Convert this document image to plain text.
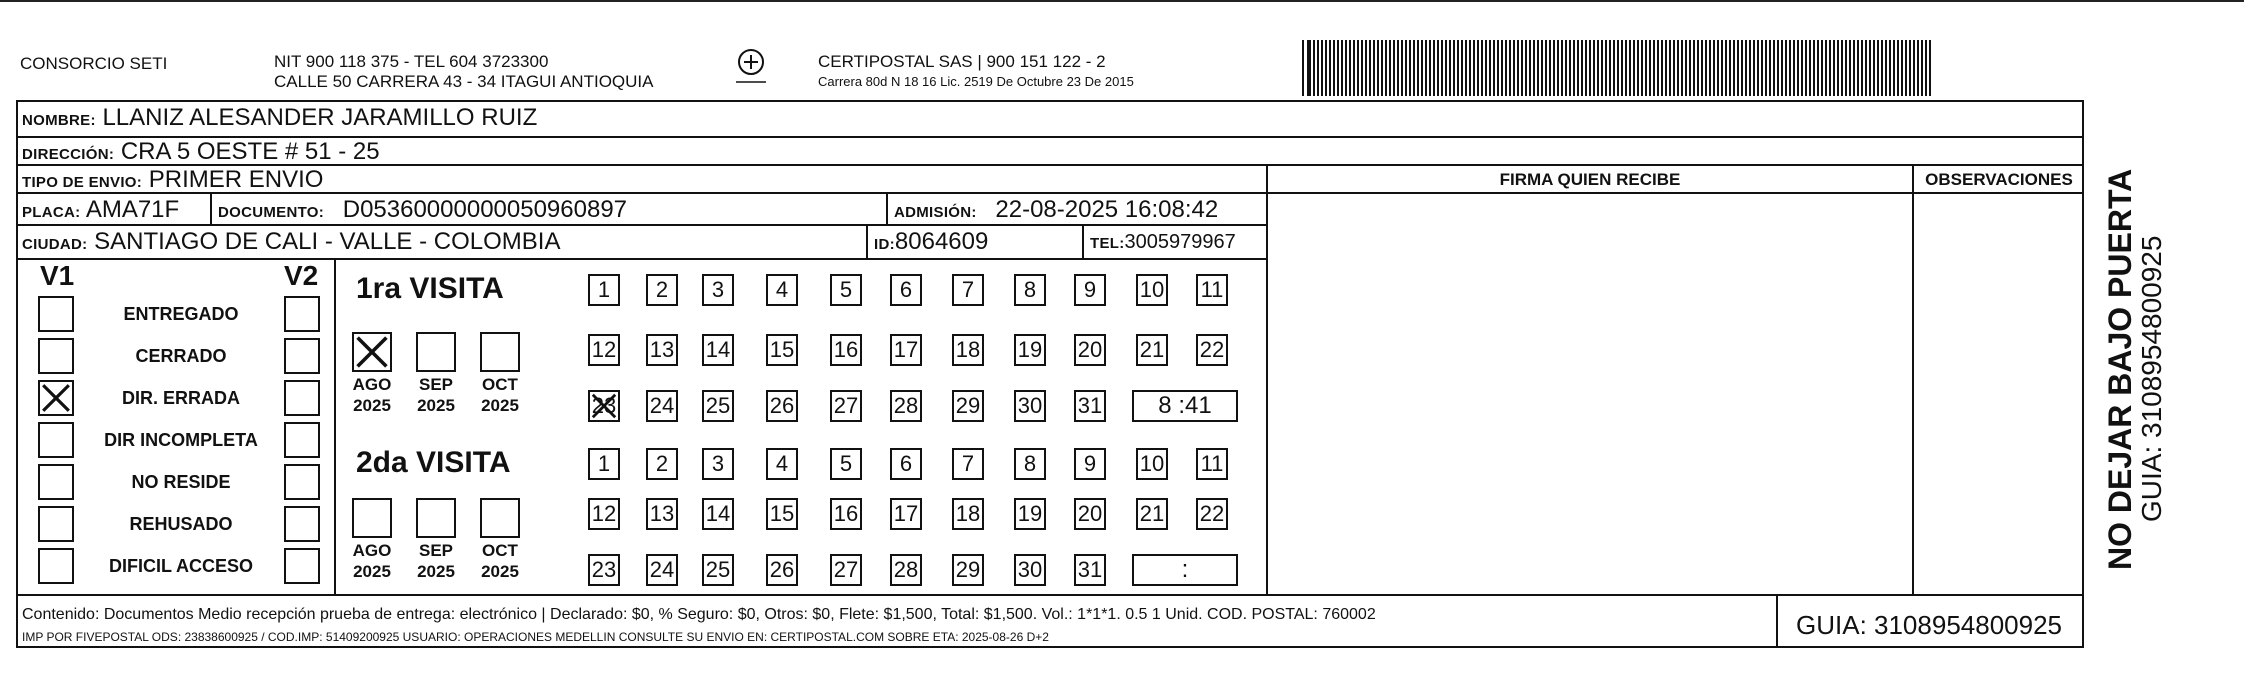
CONSORCIO SETI	NIT 900 118 375 - TEL 604 3723300
CALLE 50 CARRERA 43 - 34 ITAGUI ANTIOQUIA
CERTIPOSTAL SAS | 900 151 122 - 2
Carrera 80d N 18 16 Lic. 2519 De Octubre 23 De 2015
NOMBRE: LLANIZ ALESANDER JARAMILLO RUIZ
DIRECCIÓN: CRA 5 OESTE # 51 - 25
TIPO DE ENVIO: PRIMER ENVIO
PLACA: AMA71F	DOCUMENTO: D05360000000050960897	ADMISIÓN: 22-08-2025 16:08:42
CIUDAD: SANTIAGO DE CALI - VALLE - COLOMBIA	ID:8064609	TEL:3005979967
FIRMA QUIEN RECIBE	OBSERVACIONES
V1	V2
ENTREGADO
CERRADO
DIR. ERRADA
DIR INCOMPLETA
NO RESIDE
REHUSADO
DIFICIL ACCESO
1ra VISITA
AGO
2025
SEP
2025
OCT
2025
1	2	3	4	5	6	7	8	9	10 11
12 13 14 15 16 17 18 19 20 21 22
23 24 25 26 27 28 29 30 31	8 :41
2da VISITA
AGO
2025
SEP
2025
OCT
2025
1	2	3	4	5	6	7	8	9	10 11
12 13 14 15 16 17 18 19 20 21 22
23 24 25 26 27 28 29 30 31	:
Contenido: Documentos Medio recepción prueba de entrega: electrónico | Declarado: $0, % Seguro: $0, Otros: $0, Flete: $1,500, Total: $1,500. Vol.: 1*1*1. 0.5 1 Unid. COD. POSTAL: 760002
IMP POR FIVEPOSTAL ODS: 23838600925 / COD.IMP: 51409200925 USUARIO: OPERACIONES MEDELLIN CONSULTE SU ENVIO EN: CERTIPOSTAL.COM SOBRE ETA: 2025-08-26 D+2	GUIA: 3108954800925
NO DEJAR BAJO PUERTA
GUIA: 3108954800925
